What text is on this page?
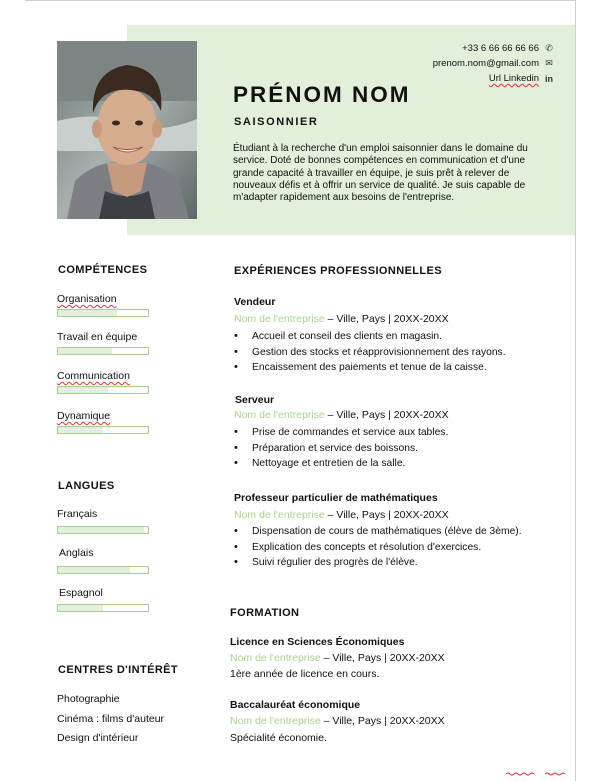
+33 6 66 66 66 66 ✆
prenom.nom@gmail.com ✉
Url Linkedin in
PRÉNOM NOM
SAISONNIER
Étudiant à la recherche d'un emploi saisonnier dans le domaine du service. Doté de bonnes compétences en communication et d'une grande capacité à travailler en équipe, je suis prêt à relever de nouveaux défis et à offrir un service de qualité. Je suis capable de m'adapter rapidement aux besoins de l'entreprise.
COMPÉTENCES
Organisation
Travail en équipe
Communication
Dynamique
LANGUES
Français
Anglais
Espagnol
CENTRES D'INTÉRÊT
Photographie
Cinéma : films d'auteur
Design d'intérieur
EXPÉRIENCES PROFESSIONNELLES
Vendeur
Nom de l'entreprise – Ville, Pays | 20XX-20XX
• Accueil et conseil des clients en magasin.
• Gestion des stocks et réapprovisionnement des rayons.
• Encaissement des paiements et tenue de la caisse.
Serveur
Nom de l'entreprise – Ville, Pays | 20XX-20XX
• Prise de commandes et service aux tables.
• Préparation et service des boissons.
• Nettoyage et entretien de la salle.
Professeur particulier de mathématiques
Nom de l'entreprise – Ville, Pays | 20XX-20XX
• Dispensation de cours de mathématiques (élève de 3ème).
• Explication des concepts et résolution d'exercices.
• Suivi régulier des progrès de l'élève.
FORMATION
Licence en Sciences Économiques
Nom de l'entreprise – Ville, Pays | 20XX-20XX
1ère année de licence en cours.
Baccalauréat économique
Nom de l'entreprise – Ville, Pays | 20XX-20XX
Spécialité économie.
